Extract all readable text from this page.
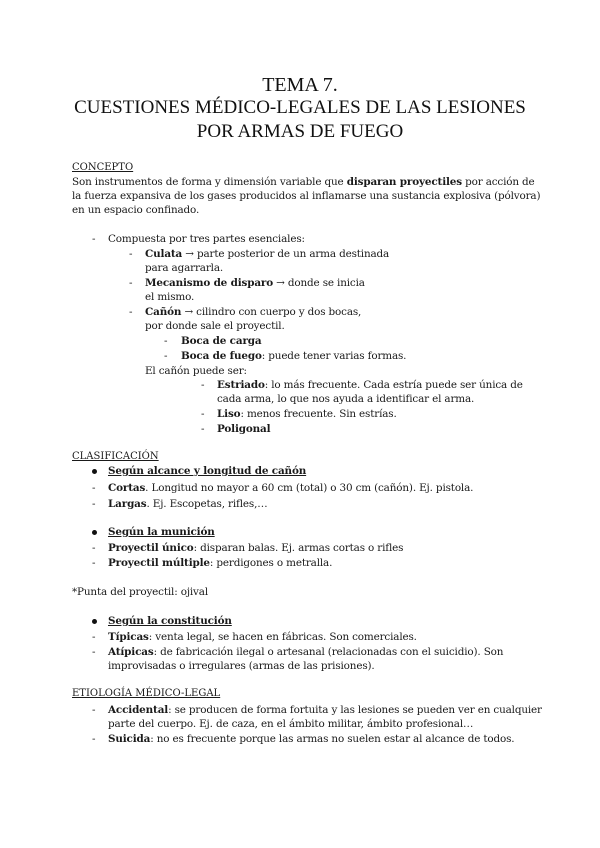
TEMA 7.
CUESTIONES MÉDICO-LEGALES DE LAS LESIONES
POR ARMAS DE FUEGO
CONCEPTO
Son instrumentos de forma y dimensión variable que disparan proyectiles por acción de
la fuerza expansiva de los gases producidos al inflamarse una sustancia explosiva (pólvora)
en un espacio confinado.
- Compuesta por tres partes esenciales:
- Culata → parte posterior de un arma destinada
para agarrarla.
- Mecanismo de disparo → donde se inicia
el mismo.
- Cañón → cilindro con cuerpo y dos bocas,
por donde sale el proyectil.
- Boca de carga
- Boca de fuego: puede tener varias formas.
El cañón puede ser:
- Estriado: lo más frecuente. Cada estría puede ser única de
cada arma, lo que nos ayuda a identificar el arma.
- Liso: menos frecuente. Sin estrías.
- Poligonal
CLASIFICACIÓN
Según alcance y longitud de cañón
- Cortas. Longitud no mayor a 60 cm (total) o 30 cm (cañón). Ej. pistola.
- Largas. Ej. Escopetas, rifles,…
Según la munición
- Proyectil único: disparan balas. Ej. armas cortas o rifles
- Proyectil múltiple: perdigones o metralla.
*Punta del proyectil: ojival
Según la constitución
- Típicas: venta legal, se hacen en fábricas. Son comerciales.
- Atípicas: de fabricación ilegal o artesanal (relacionadas con el suicidio). Son
improvisadas o irregulares (armas de las prisiones).
ETIOLOGÍA MÉDICO-LEGAL
- Accidental: se producen de forma fortuita y las lesiones se pueden ver en cualquier
parte del cuerpo. Ej. de caza, en el ámbito militar, ámbito profesional…
- Suicida: no es frecuente porque las armas no suelen estar al alcance de todos.
